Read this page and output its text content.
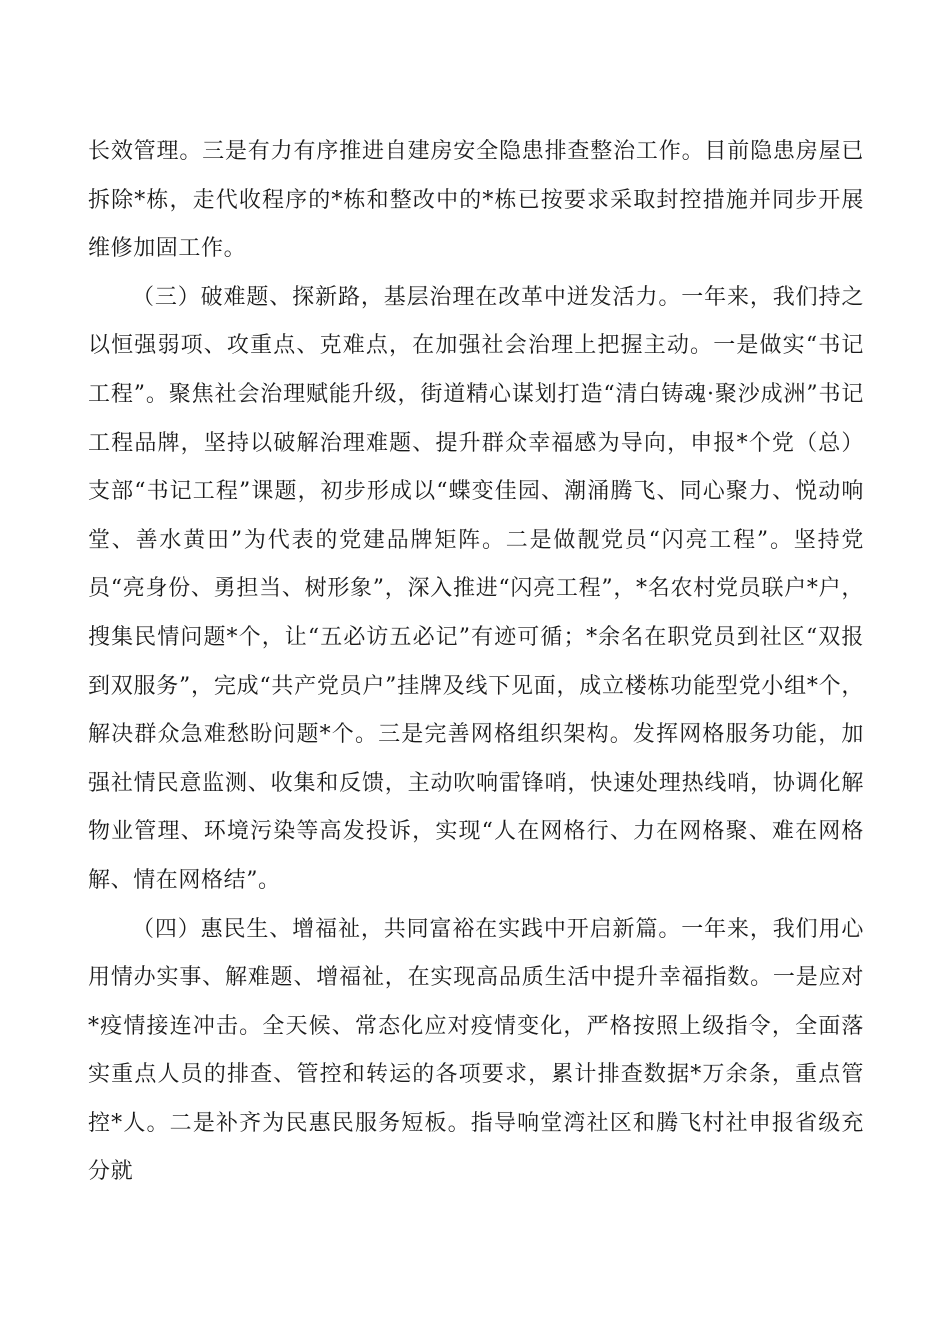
长效管理。三是有力有序推进自建房安全隐患排查整治工作。目前隐患房屋已拆除*栋，走代收程序的*栋和整改中的*栋已按要求采取封控措施并同步开展维修加固工作。

（三）破难题、探新路，基层治理在改革中迸发活力。一年来，我们持之以恒强弱项、攻重点、克难点，在加强社会治理上把握主动。一是做实“书记工程”。聚焦社会治理赋能升级，街道精心谋划打造“清白铸魂·聚沙成洲”书记工程品牌，坚持以破解治理难题、提升群众幸福感为导向，申报*个党（总）支部“书记工程”课题，初步形成以“蝶变佳园、潮涌腾飞、同心聚力、悦动响堂、善水黄田”为代表的党建品牌矩阵。二是做靓党员“闪亮工程”。坚持党员“亮身份、勇担当、树形象”，深入推进“闪亮工程”，*名农村党员联户*户，搜集民情问题*个，让“五必访五必记”有迹可循；*余名在职党员到社区“双报到双服务”，完成“共产党员户”挂牌及线下见面，成立楼栋功能型党小组*个，解决群众急难愁盼问题*个。三是完善网格组织架构。发挥网格服务功能，加强社情民意监测、收集和反馈，主动吹响雷锋哨，快速处理热线哨，协调化解物业管理、环境污染等高发投诉，实现“人在网格行、力在网格聚、难在网格解、情在网格结”。

（四）惠民生、增福祉，共同富裕在实践中开启新篇。一年来，我们用心用情办实事、解难题、增福祉，在实现高品质生活中提升幸福指数。一是应对*疫情接连冲击。全天候、常态化应对疫情变化，严格按照上级指令，全面落实重点人员的排查、管控和转运的各项要求，累计排查数据*万余条，重点管控*人。二是补齐为民惠民服务短板。指导响堂湾社区和腾飞村社申报省级充分就
